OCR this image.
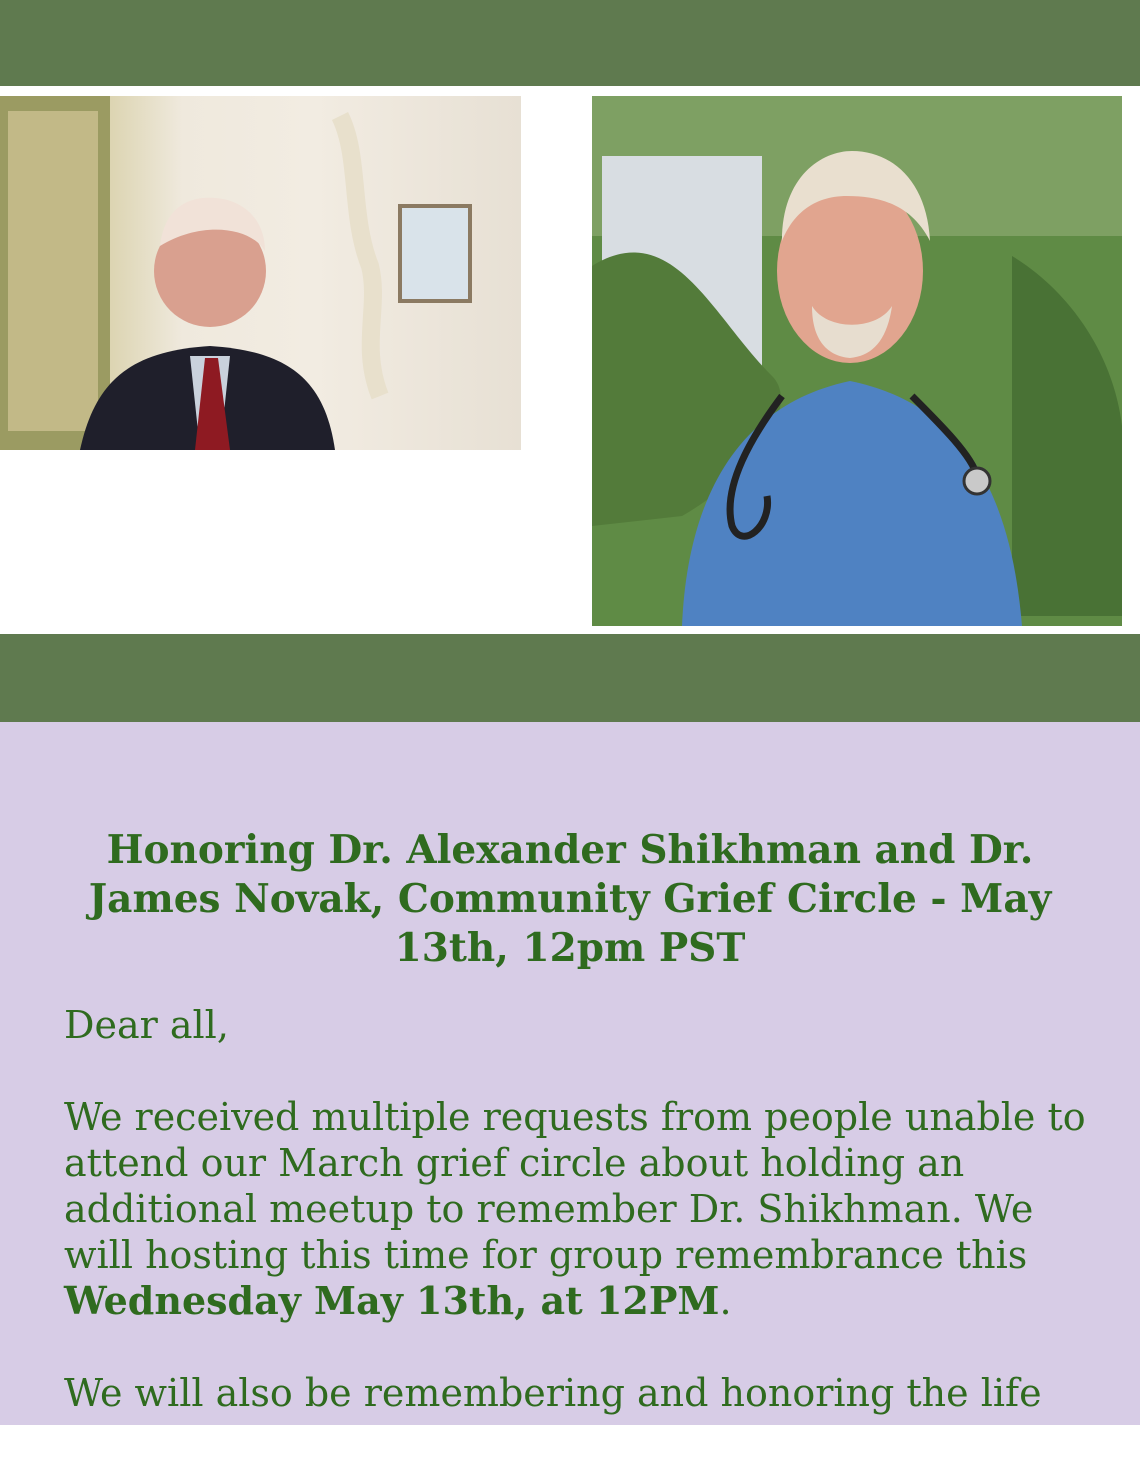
Honoring Dr. Alexander Shikhman and Dr. James Novak, Community Grief Circle - May 13th, 12pm PST

Dear all,

We received multiple requests from people unable to attend our March grief circle about holding an additional meetup to remember Dr. Shikhman. We will hosting this time for group remembrance this Wednesday May 13th, at 12PM.

We will also be remembering and honoring the life
